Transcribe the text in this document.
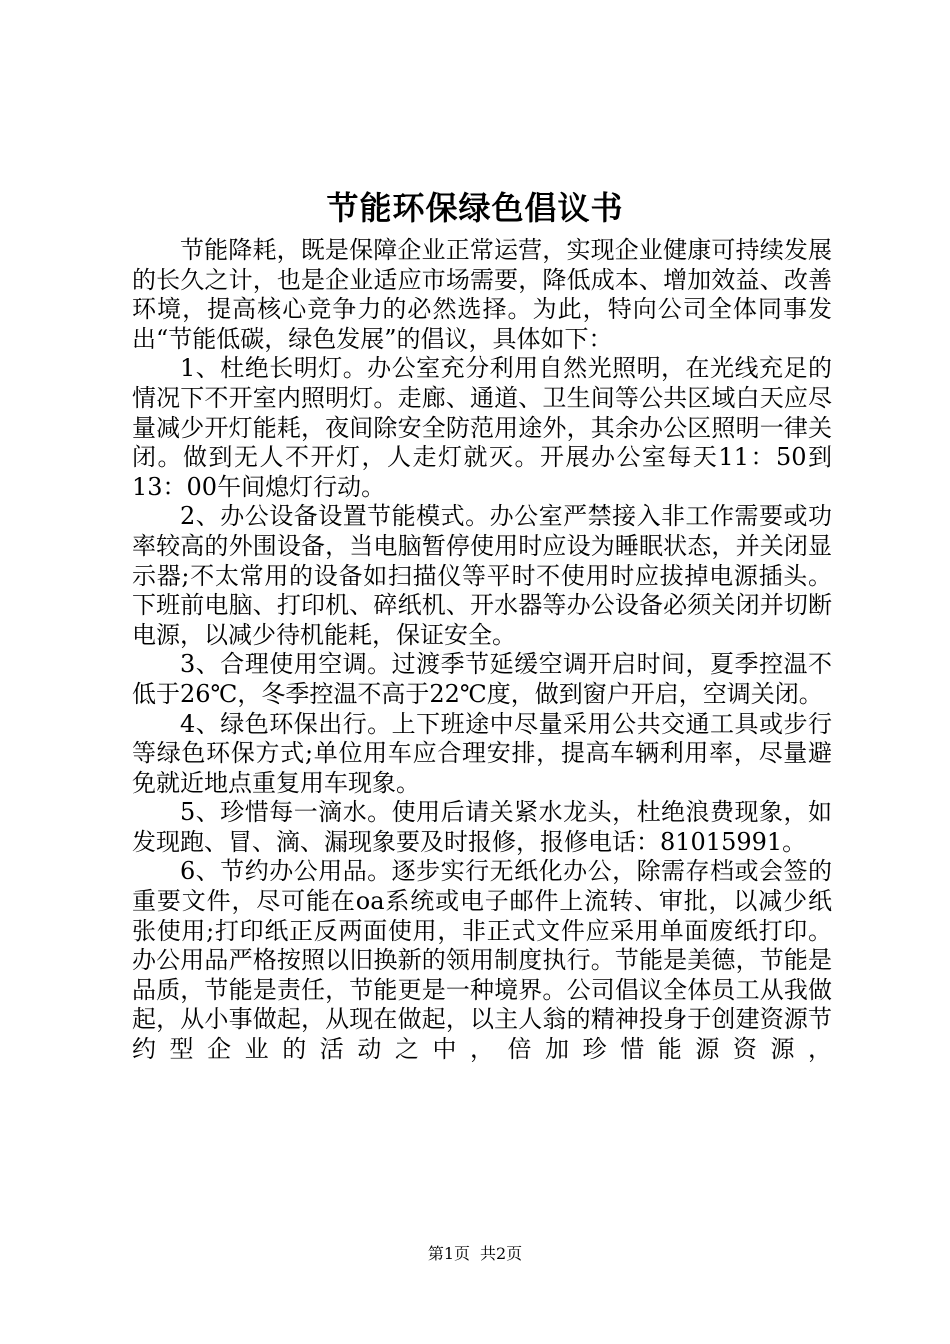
节能环保绿色倡议书

节能降耗，既是保障企业正常运营，实现企业健康可持续发展的长久之计，也是企业适应市场需要，降低成本、增加效益、改善环境，提高核心竞争力的必然选择。为此，特向公司全体同事发出“节能低碳，绿色发展”的倡议，具体如下：

1、杜绝长明灯。办公室充分利用自然光照明，在光线充足的情况下不开室内照明灯。走廊、通道、卫生间等公共区域白天应尽量减少开灯能耗，夜间除安全防范用途外，其余办公区照明一律关闭。做到无人不开灯，人走灯就灭。开展办公室每天11：50到13：00午间熄灯行动。

2、办公设备设置节能模式。办公室严禁接入非工作需要或功率较高的外围设备，当电脑暂停使用时应设为睡眠状态，并关闭显示器;不太常用的设备如扫描仪等平时不使用时应拔掉电源插头。下班前电脑、打印机、碎纸机、开水器等办公设备必须关闭并切断电源，以减少待机能耗，保证安全。

3、合理使用空调。过渡季节延缓空调开启时间，夏季控温不低于26℃，冬季控温不高于22℃度，做到窗户开启，空调关闭。

4、绿色环保出行。上下班途中尽量采用公共交通工具或步行等绿色环保方式;单位用车应合理安排，提高车辆利用率，尽量避免就近地点重复用车现象。

5、珍惜每一滴水。使用后请关紧水龙头，杜绝浪费现象，如发现跑、冒、滴、漏现象要及时报修，报修电话：81015991。

6、节约办公用品。逐步实行无纸化办公，除需存档或会签的重要文件，尽可能在oa系统或电子邮件上流转、审批，以减少纸张使用;打印纸正反两面使用，非正式文件应采用单面废纸打印。办公用品严格按照以旧换新的领用制度执行。节能是美德，节能是品质，节能是责任，节能更是一种境界。公司倡议全体员工从我做起，从小事做起，从现在做起，以主人翁的精神投身于创建资源节约型企业的活动之中，倍加珍惜能源资源，

第1页 共2页
